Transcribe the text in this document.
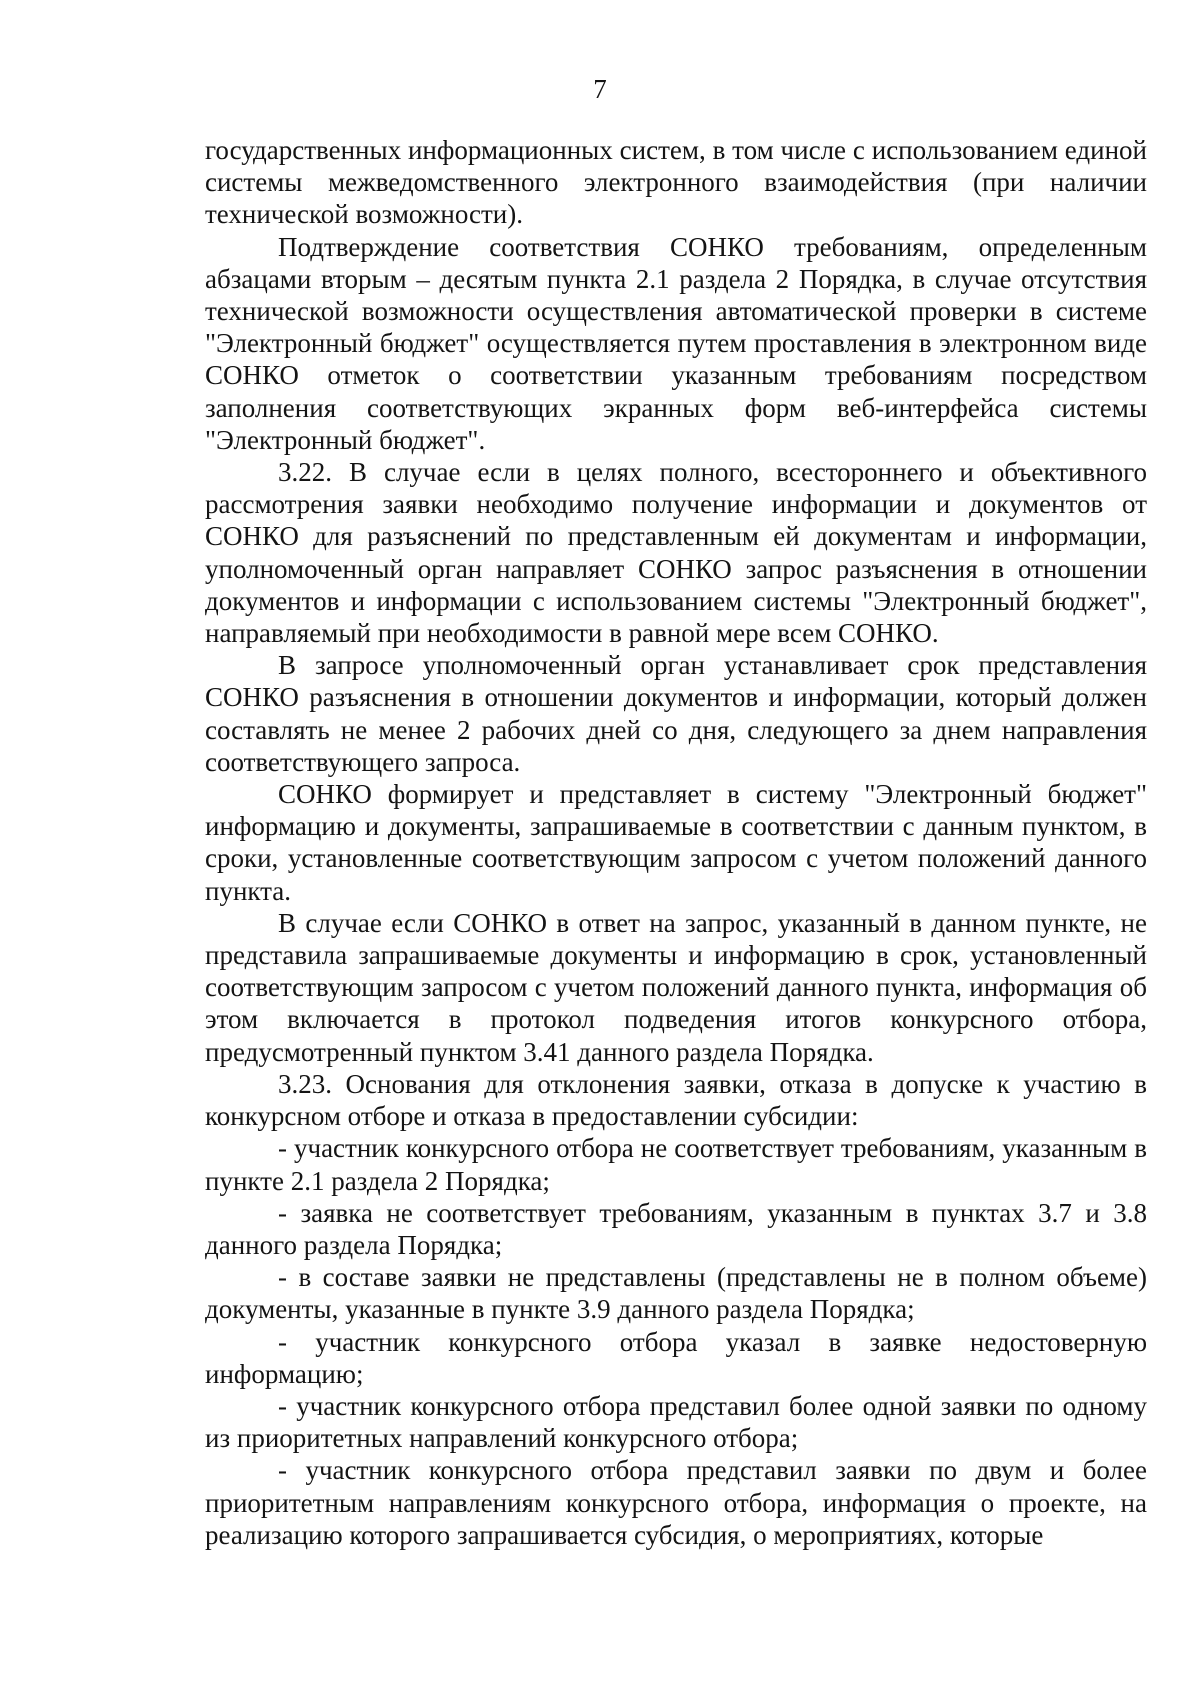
7

государственных информационных систем, в том числе с использованием единой системы межведомственного электронного взаимодействия (при наличии технической возможности).

Подтверждение соответствия СОНКО требованиям, определенным абзацами вторым – десятым пункта 2.1 раздела 2 Порядка, в случае отсутствия технической возможности осуществления автоматической проверки в системе "Электронный бюджет" осуществляется путем проставления в электронном виде СОНКО отметок о соответствии указанным требованиям посредством заполнения соответствующих экранных форм веб-интерфейса системы "Электронный бюджет".

3.22. В случае если в целях полного, всестороннего и объективного рассмотрения заявки необходимо получение информации и документов от СОНКО для разъяснений по представленным ей документам и информации, уполномоченный орган направляет СОНКО запрос разъяснения в отношении документов и информации с использованием системы "Электронный бюджет", направляемый при необходимости в равной мере всем СОНКО.

В запросе уполномоченный орган устанавливает срок представления СОНКО разъяснения в отношении документов и информации, который должен составлять не менее 2 рабочих дней со дня, следующего за днем направления соответствующего запроса.

СОНКО формирует и представляет в систему "Электронный бюджет" информацию и документы, запрашиваемые в соответствии с данным пунктом, в сроки, установленные соответствующим запросом с учетом положений данного пункта.

В случае если СОНКО в ответ на запрос, указанный в данном пункте, не представила запрашиваемые документы и информацию в срок, установленный соответствующим запросом с учетом положений данного пункта, информация об этом включается в протокол подведения итогов конкурсного отбора, предусмотренный пунктом 3.41 данного раздела Порядка.

3.23. Основания для отклонения заявки, отказа в допуске к участию в конкурсном отборе и отказа в предоставлении субсидии:

- участник конкурсного отбора не соответствует требованиям, указанным в пункте 2.1 раздела 2 Порядка;

- заявка не соответствует требованиям, указанным в пунктах 3.7 и 3.8 данного раздела Порядка;

- в составе заявки не представлены (представлены не в полном объеме) документы, указанные в пункте 3.9 данного раздела Порядка;

- участник конкурсного отбора указал в заявке недостоверную информацию;

- участник конкурсного отбора представил более одной заявки по одному из приоритетных направлений конкурсного отбора;

- участник конкурсного отбора представил заявки по двум и более приоритетным направлениям конкурсного отбора, информация о проекте, на реализацию которого запрашивается субсидия, о мероприятиях, которые
